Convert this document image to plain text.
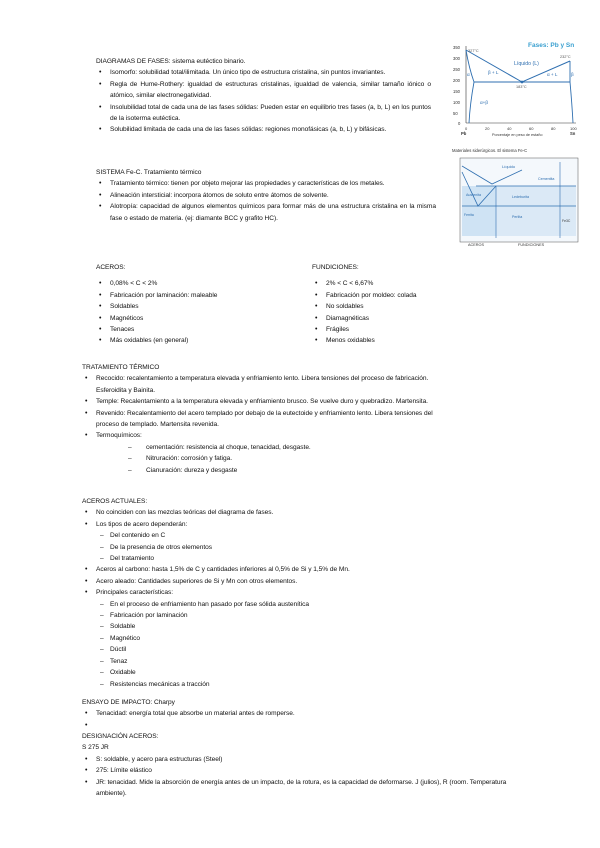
DIAGRAMAS DE FASES: sistema eutéctico binario.
• Isomorfo: solubilidad total/ilimitada. Un único tipo de estructura cristalina, sin puntos invariantes.
• Regla de Hume-Rothery: igualdad de estructuras cristalinas, igualdad de valencia, similar tamaño iónico o atómico, similar electronegatividad.
• Insolubilidad total de cada una de las fases sólidas: Pueden estar en equilibrio tres fases (a, b, L) en los puntos de la isoterma eutéctica.
• Solubilidad limitada de cada una de las fases sólidas: regiones monofásicas (a, b, L) y bifásicas.
SISTEMA Fe-C. Tratamiento térmico
• Tratamiento térmico: tienen por objeto mejorar las propiedades y características de los metales.
• Alineación intersticial: incorpora átomos de soluto entre átomos de solvente.
• Alotropía: capacidad de algunos elementos químicos para formar más de una estructura cristalina en la misma fase o estado de materia. (ej: diamante BCC y grafito HC).
ACEROS:
• 0,08% < C < 2%
• Fabricación por laminación: maleable
• Soldables
• Magnéticos
• Tenaces
• Más oxidables (en general)
FUNDICIONES:
• 2% < C < 6,67%
• Fabricación por moldeo: colada
• No soldables
• Diamagnéticas
• Frágiles
• Menos oxidables
TRATAMIENTO TÉRMICO
• Recocido: recalentamiento a temperatura elevada y enfriamiento lento. Libera tensiones del proceso de fabricación. Esferoidita y Bainita.
• Temple: Recalentamiento a la temperatura elevada y enfriamiento brusco. Se vuelve duro y quebradizo. Martensita.
• Revenido: Recalentamiento del acero templado por debajo de la eutectoide y enfriamiento lento. Libera tensiones del proceso de templado. Martensita revenida.
• Termoquímicos:
– cementación: resistencia al choque, tenacidad, desgaste.
– Nitruración: corrosión y fatiga.
– Cianuración: dureza y desgaste
ACEROS ACTUALES:
• No coinciden con las mezclas teóricas del diagrama de fases.
• Los tipos de acero dependerán:
– Del contenido en C
– De la presencia de otros elementos
– Del tratamiento
• Aceros al carbono: hasta 1,5% de C y cantidades inferiores al 0,5% de Si y 1,5% de Mn.
• Acero aleado: Cantidades superiores de Si y Mn con otros elementos.
• Principales características:
– En el proceso de enfriamiento han pasado por fase sólida austenítica
– Fabricación por laminación
– Soldable
– Magnético
– Dúctil
– Tenaz
– Oxidable
– Resistencias mecánicas a tracción
ENSAYO DE IMPACTO: Charpy
• Tenacidad: energía total que absorbe un material antes de romperse.
•
DESIGNACIÓN ACEROS:
S 275 JR
• S: soldable, y acero para estructuras (Steel)
• 275: Límite elástico
• JR: tenacidad. Mide la absorción de energía antes de un impacto, de la rotura, es la capacidad de deformarse. J (julios), R (room. Temperatura ambiente).
Fases: Pb y Sn
350
300
250
200
150
100
50
0
327°C
232°C
183°C
Líquido (L)
β + L	α + L
α	β
α+β
0	20	40	60	80	100
Pb	Sn
Porcentaje en peso de estaño
Materiales siderúrgicos. El sistema Fe-C
Líquido
Austenita
Ferrita
Ledeburita
Perlita
Cementita
Fe3C
ACEROS	FUNDICIONES
